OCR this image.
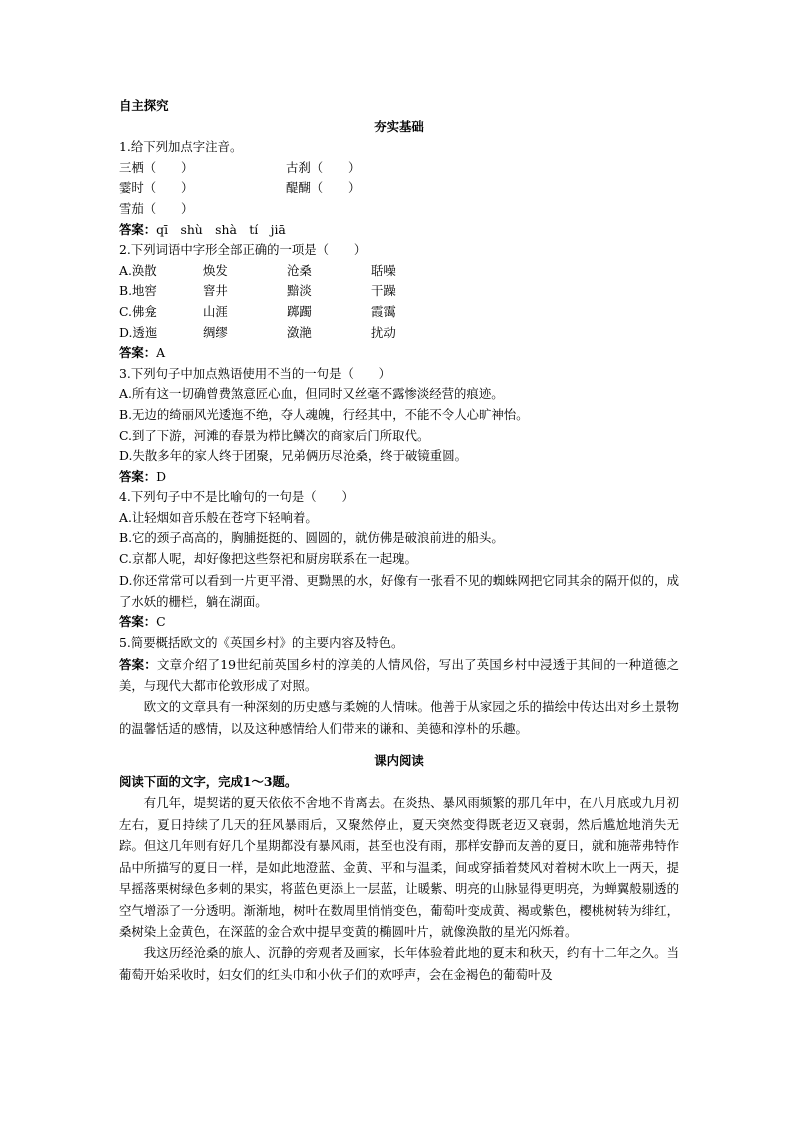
自主探究
夯实基础
1.给下列加点字注音。
三栖（　　）	古刹（　　）
霎时（　　）	醍醐（　　）
雪茄（　　）
答案：qī　shù　shà　tí　jiā
2.下列词语中字形全部正确的一项是（　　）
A.涣散	焕发	沧桑	聒噪
B.地窖	窨井	黯淡	干躁
C.佛龛	山涯	踯躅	霞霭
D.透迤	绸缪	潋滟	扰动
答案：A
3.下列句子中加点熟语使用不当的一句是（　　）
A.所有这一切确曾费煞意匠心血，但同时又丝毫不露惨淡经营的痕迹。
B.无边的绮丽风光逶迤不绝，夺人魂魄，行经其中，不能不令人心旷神怡。
C.到了下游，河滩的春景为栉比鳞次的商家后门所取代。
D.失散多年的家人终于团聚，兄弟俩历尽沧桑，终于破镜重圆。
答案：D
4.下列句子中不是比喻句的一句是（　　）
A.让轻烟如音乐般在苍穹下轻响着。
B.它的颈子高高的，胸脯挺挺的、圆圆的，就仿佛是破浪前进的船头。
C.京都人呢，却好像把这些祭祀和厨房联系在一起瑰。
D.你还常常可以看到一片更平滑、更黝黑的水，好像有一张看不见的蜘蛛网把它同其余的隔开似的，成了水妖的栅栏，躺在湖面。
答案：C
5.简要概括欧文的《英国乡村》的主要内容及特色。
答案：文章介绍了19世纪前英国乡村的淳美的人情风俗，写出了英国乡村中浸透于其间的一种道德之美，与现代大都市伦敦形成了对照。
欧文的文章具有一种深刻的历史感与柔婉的人情味。他善于从家园之乐的描绘中传达出对乡土景物的温馨恬适的感情，以及这种感情给人们带来的谦和、美德和淳朴的乐趣。
课内阅读
阅读下面的文字，完成1～3题。
有几年，堤契诺的夏天依依不舍地不肯离去。在炎热、暴风雨频繁的那几年中，在八月底或九月初左右，夏日持续了几天的狂风暴雨后，又聚然停止，夏天突然变得既老迈又衰弱，然后尴尬地消失无踪。但这几年则有好几个星期都没有暴风雨，甚至也没有雨，那样安静而友善的夏日，就和施蒂弗特作品中所描写的夏日一样，是如此地澄蓝、金黄、平和与温柔，间或穿插着焚风对着树木吹上一两天，提早摇落栗树绿色多刺的果实，将蓝色更添上一层蓝，让暖紫、明亮的山脉显得更明亮，为蝉翼般剔透的空气增添了一分透明。渐渐地，树叶在数周里悄悄变色，葡萄叶变成黄、褐或紫色，樱桃树转为绯红，桑树染上金黄色，在深蓝的金合欢中提早变黄的椭圆叶片，就像涣散的星光闪烁着。
我这历经沧桑的旅人、沉静的旁观者及画家，长年体验着此地的夏末和秋天，约有十二年之久。当葡萄开始采收时，妇女们的红头巾和小伙子们的欢呼声，会在金褐色的葡萄叶及
